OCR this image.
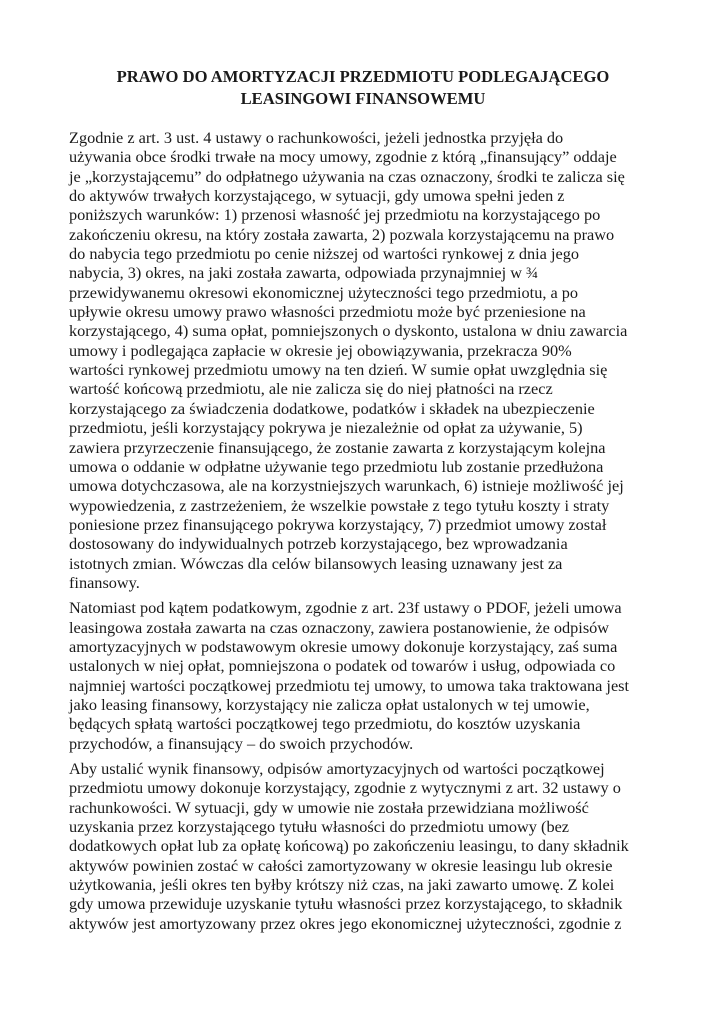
PRAWO DO AMORTYZACJI PRZEDMIOTU PODLEGAJĄCEGO
LEASINGOWI FINANSOWEMU

Zgodnie z art. 3 ust. 4 ustawy o rachunkowości, jeżeli jednostka przyjęła do
używania obce środki trwałe na mocy umowy, zgodnie z którą „finansujący” oddaje
je „korzystającemu” do odpłatnego używania na czas oznaczony, środki te zalicza się
do aktywów trwałych korzystającego, w sytuacji, gdy umowa spełni jeden z
poniższych warunków: 1) przenosi własność jej przedmiotu na korzystającego po
zakończeniu okresu, na który została zawarta, 2) pozwala korzystającemu na prawo
do nabycia tego przedmiotu po cenie niższej od wartości rynkowej z dnia jego
nabycia, 3) okres, na jaki została zawarta, odpowiada przynajmniej w ¾
przewidywanemu okresowi ekonomicznej użyteczności tego przedmiotu, a po
upływie okresu umowy prawo własności przedmiotu może być przeniesione na
korzystającego, 4) suma opłat, pomniejszonych o dyskonto, ustalona w dniu zawarcia
umowy i podlegająca zapłacie w okresie jej obowiązywania, przekracza 90%
wartości rynkowej przedmiotu umowy na ten dzień. W sumie opłat uwzględnia się
wartość końcową przedmiotu, ale nie zalicza się do niej płatności na rzecz
korzystającego za świadczenia dodatkowe, podatków i składek na ubezpieczenie
przedmiotu, jeśli korzystający pokrywa je niezależnie od opłat za używanie, 5)
zawiera przyrzeczenie finansującego, że zostanie zawarta z korzystającym kolejna
umowa o oddanie w odpłatne używanie tego przedmiotu lub zostanie przedłużona
umowa dotychczasowa, ale na korzystniejszych warunkach, 6) istnieje możliwość jej
wypowiedzenia, z zastrzeżeniem, że wszelkie powstałe z tego tytułu koszty i straty
poniesione przez finansującego pokrywa korzystający, 7) przedmiot umowy został
dostosowany do indywidualnych potrzeb korzystającego, bez wprowadzania
istotnych zmian. Wówczas dla celów bilansowych leasing uznawany jest za
finansowy.

Natomiast pod kątem podatkowym, zgodnie z art. 23f ustawy o PDOF, jeżeli umowa
leasingowa została zawarta na czas oznaczony, zawiera postanowienie, że odpisów
amortyzacyjnych w podstawowym okresie umowy dokonuje korzystający, zaś suma
ustalonych w niej opłat, pomniejszona o podatek od towarów i usług, odpowiada co
najmniej wartości początkowej przedmiotu tej umowy, to umowa taka traktowana jest
jako leasing finansowy, korzystający nie zalicza opłat ustalonych w tej umowie,
będących spłatą wartości początkowej tego przedmiotu, do kosztów uzyskania
przychodów, a finansujący – do swoich przychodów.

Aby ustalić wynik finansowy, odpisów amortyzacyjnych od wartości początkowej
przedmiotu umowy dokonuje korzystający, zgodnie z wytycznymi z art. 32 ustawy o
rachunkowości. W sytuacji, gdy w umowie nie została przewidziana możliwość
uzyskania przez korzystającego tytułu własności do przedmiotu umowy (bez
dodatkowych opłat lub za opłatę końcową) po zakończeniu leasingu, to dany składnik
aktywów powinien zostać w całości zamortyzowany w okresie leasingu lub okresie
użytkowania, jeśli okres ten byłby krótszy niż czas, na jaki zawarto umowę. Z kolei
gdy umowa przewiduje uzyskanie tytułu własności przez korzystającego, to składnik
aktywów jest amortyzowany przez okres jego ekonomicznej użyteczności, zgodnie z
